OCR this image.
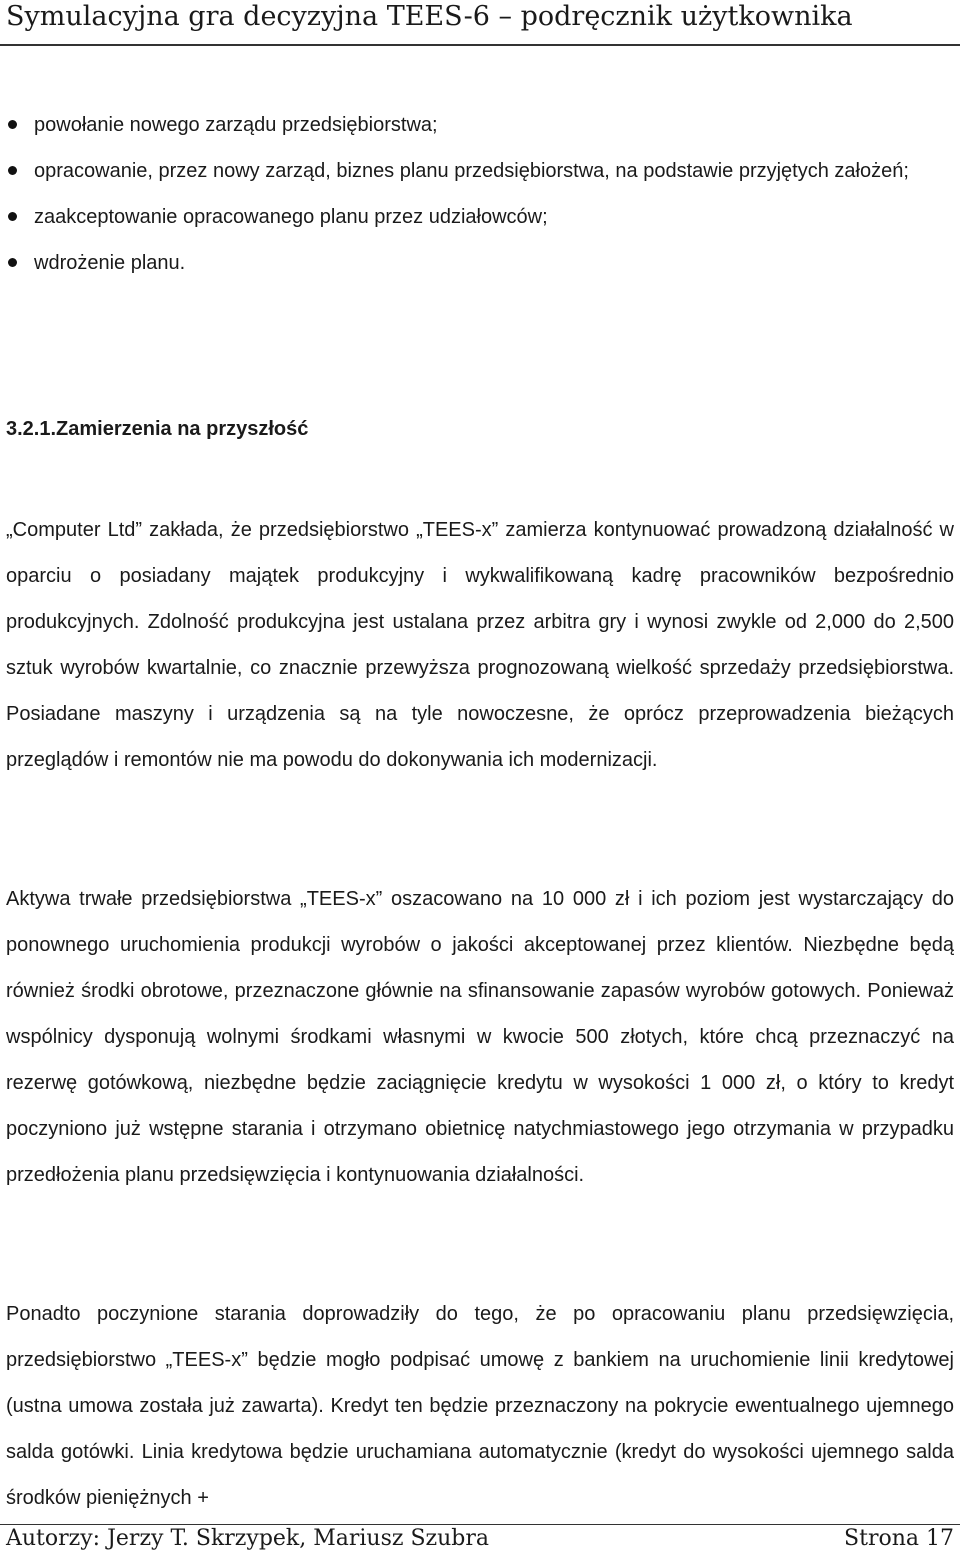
Symulacyjna gra decyzyjna TEES-6 – podręcznik użytkownika
powołanie nowego zarządu przedsiębiorstwa;
opracowanie, przez nowy zarząd, biznes planu przedsiębiorstwa, na podstawie przyjętych założeń;
zaakceptowanie opracowanego planu przez udziałowców;
wdrożenie planu.
3.2.1.Zamierzenia na przyszłość

„Computer Ltd” zakłada, że przedsiębiorstwo „TEES-x” zamierza kontynuować prowadzoną działalność w oparciu o posiadany majątek produkcyjny i wykwalifikowaną kadrę pracowników bezpośrednio produkcyjnych. Zdolność produkcyjna jest ustalana przez arbitra gry i wynosi zwykle od 2,000 do 2,500 sztuk wyrobów kwartalnie, co znacznie przewyższa prognozowaną wielkość sprzedaży przedsiębiorstwa. Posiadane maszyny i urządzenia są na tyle nowoczesne, że oprócz przeprowadzenia bieżących przeglądów i remontów nie ma powodu do dokonywania ich modernizacji.

Aktywa trwałe przedsiębiorstwa „TEES-x” oszacowano na 10 000 zł i ich poziom jest wystarczający do ponownego uruchomienia produkcji wyrobów o jakości akceptowanej przez klientów. Niezbędne będą również środki obrotowe, przeznaczone głównie na sfinansowanie zapasów wyrobów gotowych. Ponieważ wspólnicy dysponują wolnymi środkami własnymi w kwocie 500 złotych, które chcą przeznaczyć na rezerwę gotówkową, niezbędne będzie zaciągnięcie kredytu w wysokości 1 000 zł, o który to kredyt poczyniono już wstępne starania i otrzymano obietnicę natychmiastowego jego otrzymania w przypadku przedłożenia planu przedsięwzięcia i kontynuowania działalności.

Ponadto poczynione starania doprowadziły do tego, że po opracowaniu planu przedsięwzięcia, przedsiębiorstwo „TEES-x” będzie mogło podpisać umowę z bankiem na uruchomienie linii kredytowej (ustna umowa została już zawarta). Kredyt ten będzie przeznaczony na pokrycie ewentualnego ujemnego salda gotówki. Linia kredytowa będzie uruchamiana automatycznie (kredyt do wysokości ujemnego salda środków pieniężnych +

Autorzy: Jerzy T. Skrzypek, Mariusz Szubra	Strona 17
